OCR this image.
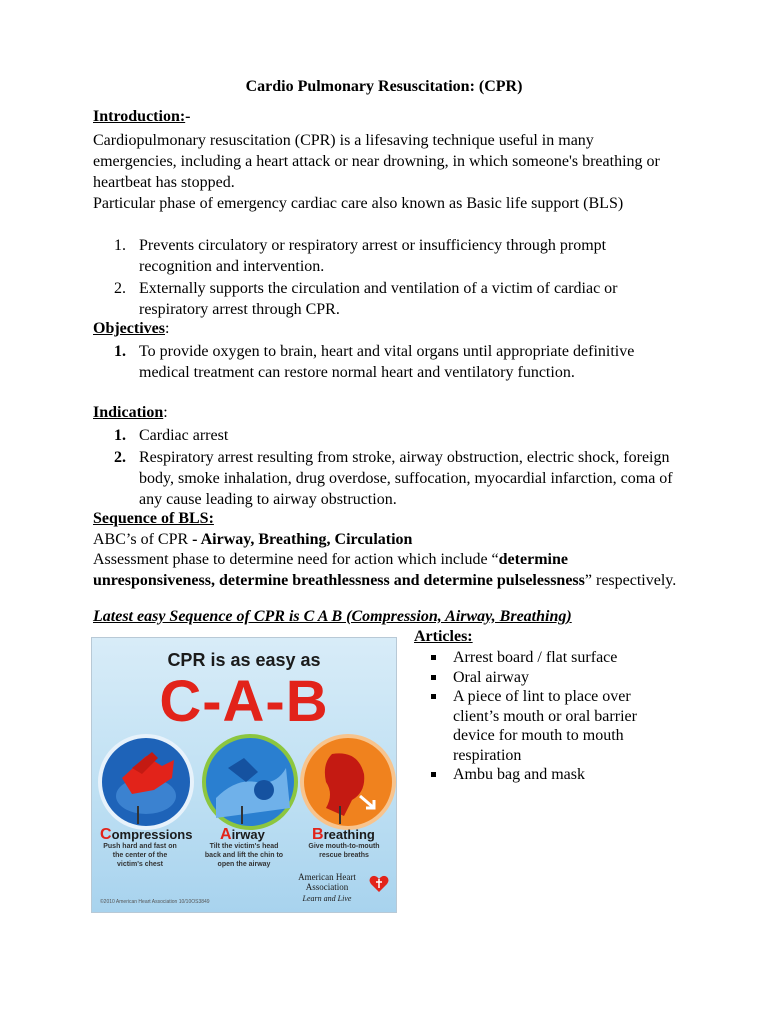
Cardio Pulmonary Resuscitation: (CPR)
Introduction:-
Cardiopulmonary resuscitation (CPR) is a lifesaving technique useful in many emergencies, including a heart attack or near drowning, in which someone's breathing or heartbeat has stopped.
Particular phase of emergency cardiac care also known as Basic life support (BLS)
1. Prevents circulatory or respiratory arrest or insufficiency through prompt recognition and intervention.
2. Externally supports the circulation and ventilation of a victim of cardiac or respiratory arrest through CPR.
Objectives:
1. To provide oxygen to brain, heart and vital organs until appropriate definitive medical treatment can restore normal heart and ventilatory function.
Indication:
1. Cardiac arrest
2. Respiratory arrest resulting from stroke, airway obstruction, electric shock, foreign body, smoke inhalation, drug overdose, suffocation, myocardial infarction, coma of any cause leading to airway obstruction.
Sequence of BLS:
ABC’s of CPR - Airway, Breathing, Circulation
Assessment phase to determine need for action which include “determine unresponsiveness, determine breathlessness and determine pulselessness” respectively.
Latest easy Sequence of CPR is C A B (Compression, Airway, Breathing)
CPR is as easy as
C-A-B
Compressions Airway	Breathing
Push hard and fast on the center of the victim's chest
Tilt the victim's head back and lift the chin to open the airway
Give mouth-to-mouth rescue breaths
American Heart Association
Learn and Live
©2010 American Heart Association 10/10OS3849
Articles:
Arrest board / flat surface
Oral airway
A piece of lint to place over client’s mouth or oral barrier device for mouth to mouth respiration
Ambu bag and mask
